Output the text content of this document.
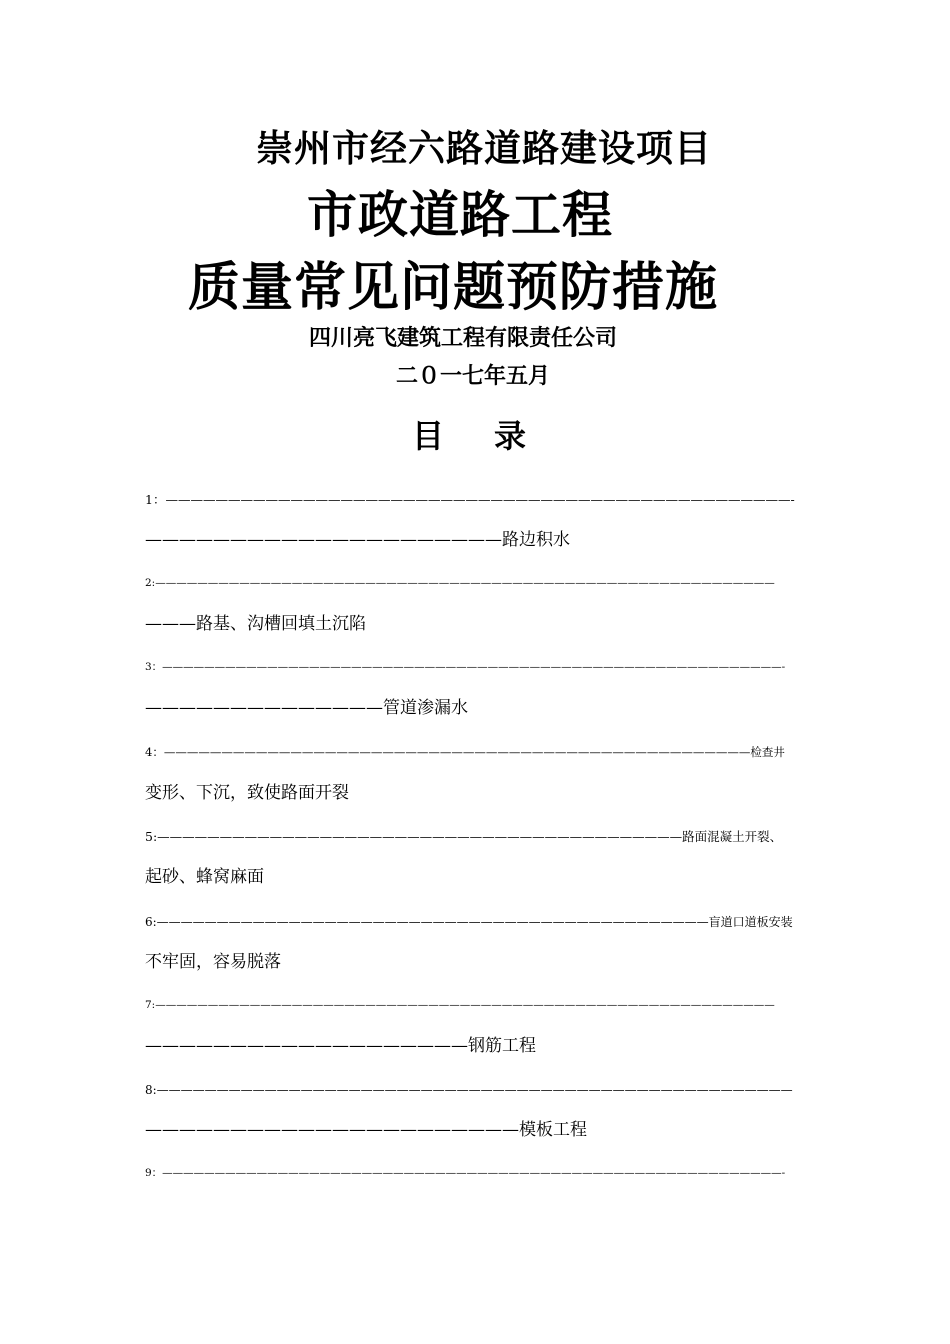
崇州市经六路道路建设项目
市政道路工程
质量常见问题预防措施
四川亮飞建筑工程有限责任公司
二０一七年五月
目录
1：——————————————————————————————————————————————————-
—————————————————————路边积水
2:———————————————————————————————————————————————————————————
———路基、沟槽回填土沉陷
3：———————————————————————————————————————————————————————————-
——————————————管道渗漏水
4：———————————————————————————————————————————————————检查井
变形、下沉，致使路面开裂
5:——————————————————————————————————————————路面混凝土开裂、
起砂、蜂窝麻面
6:——————————————————————————————————————————————盲道口道板安装
不牢固，容易脱落
7:———————————————————————————————————————————————————————————
———————————————————钢筋工程
8:—————————————————————————————————————————————————————
——————————————————————模板工程
9：———————————————————————————————————————————————————————————-
